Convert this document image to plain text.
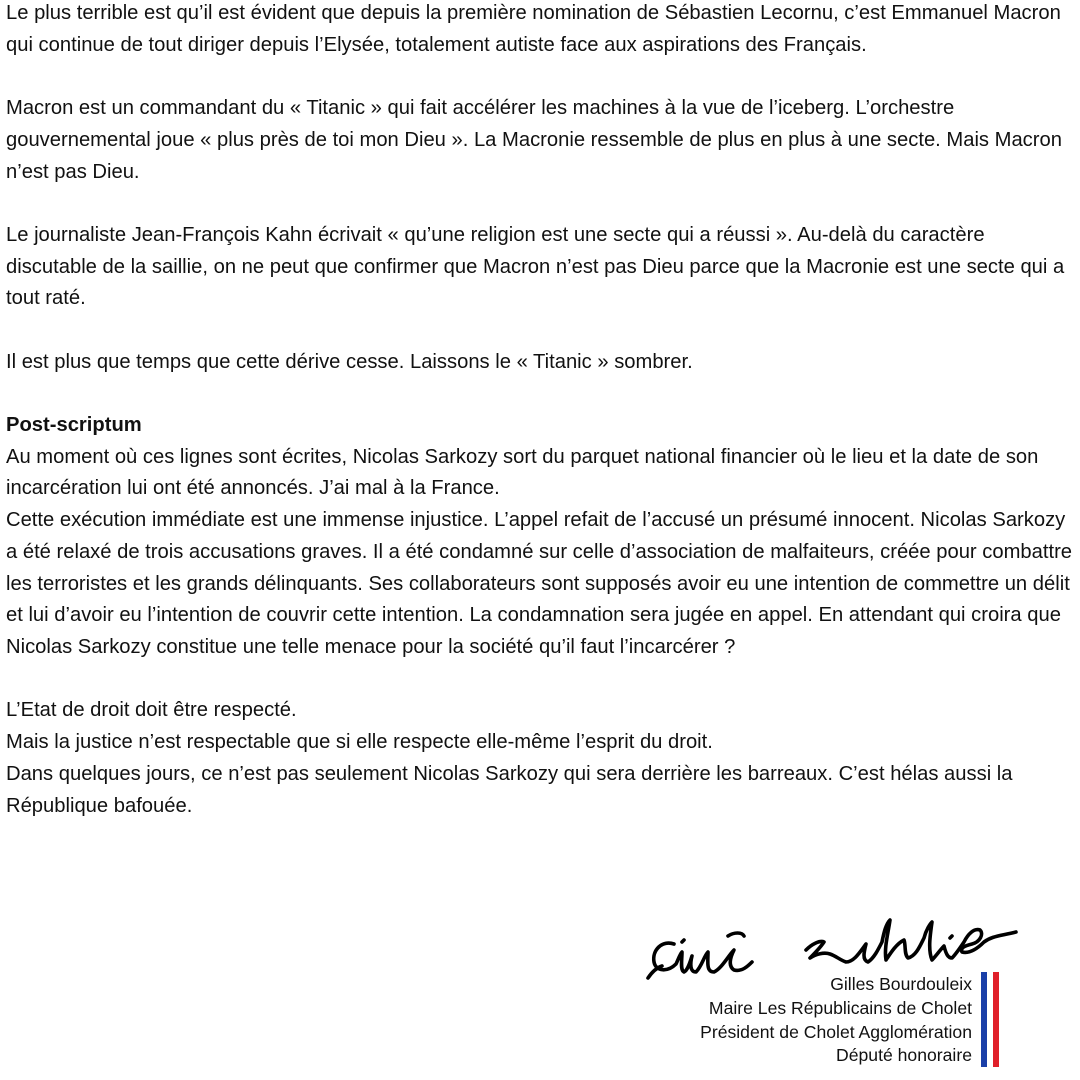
Le plus terrible est qu’il est évident que depuis la première nomination de Sébastien Lecornu, c’est Emmanuel Macron qui continue de tout diriger depuis l’Elysée, totalement autiste face aux aspirations des Français.

Macron est un commandant du « Titanic » qui fait accélérer les machines à la vue de l’iceberg. L’orchestre gouvernemental joue « plus près de toi mon Dieu ». La Macronie ressemble de plus en plus à une secte. Mais Macron n’est pas Dieu.

Le journaliste Jean-François Kahn écrivait « qu’une religion est une secte qui a réussi ». Au-delà du caractère discutable de la saillie, on ne peut que confirmer que Macron n’est pas Dieu parce que la Macronie est une secte qui a tout raté.

Il est plus que temps que cette dérive cesse. Laissons le « Titanic » sombrer.

Post-scriptum

Au moment où ces lignes sont écrites, Nicolas Sarkozy sort du parquet national financier où le lieu et la date de son incarcération lui ont été annoncés. J’ai mal à la France.

Cette exécution immédiate est une immense injustice. L’appel refait de l’accusé un présumé innocent. Nicolas Sarkozy a été relaxé de trois accusations graves. Il a été condamné sur celle d’association de malfaiteurs, créée pour combattre les terroristes et les grands délinquants. Ses collaborateurs sont supposés avoir eu une intention de commettre un délit et lui d’avoir eu l’intention de couvrir cette intention. La condamnation sera jugée en appel. En attendant qui croira que Nicolas Sarkozy constitue une telle menace pour la société qu’il faut l’incarcérer ?

L’Etat de droit doit être respecté.

Mais la justice n’est respectable que si elle respecte elle-même l’esprit du droit.

Dans quelques jours, ce n’est pas seulement Nicolas Sarkozy qui sera derrière les barreaux. C’est hélas aussi la République bafouée.

Gilles Bourdouleix
Maire Les Républicains de Cholet
Président de Cholet Agglomération
Député honoraire
